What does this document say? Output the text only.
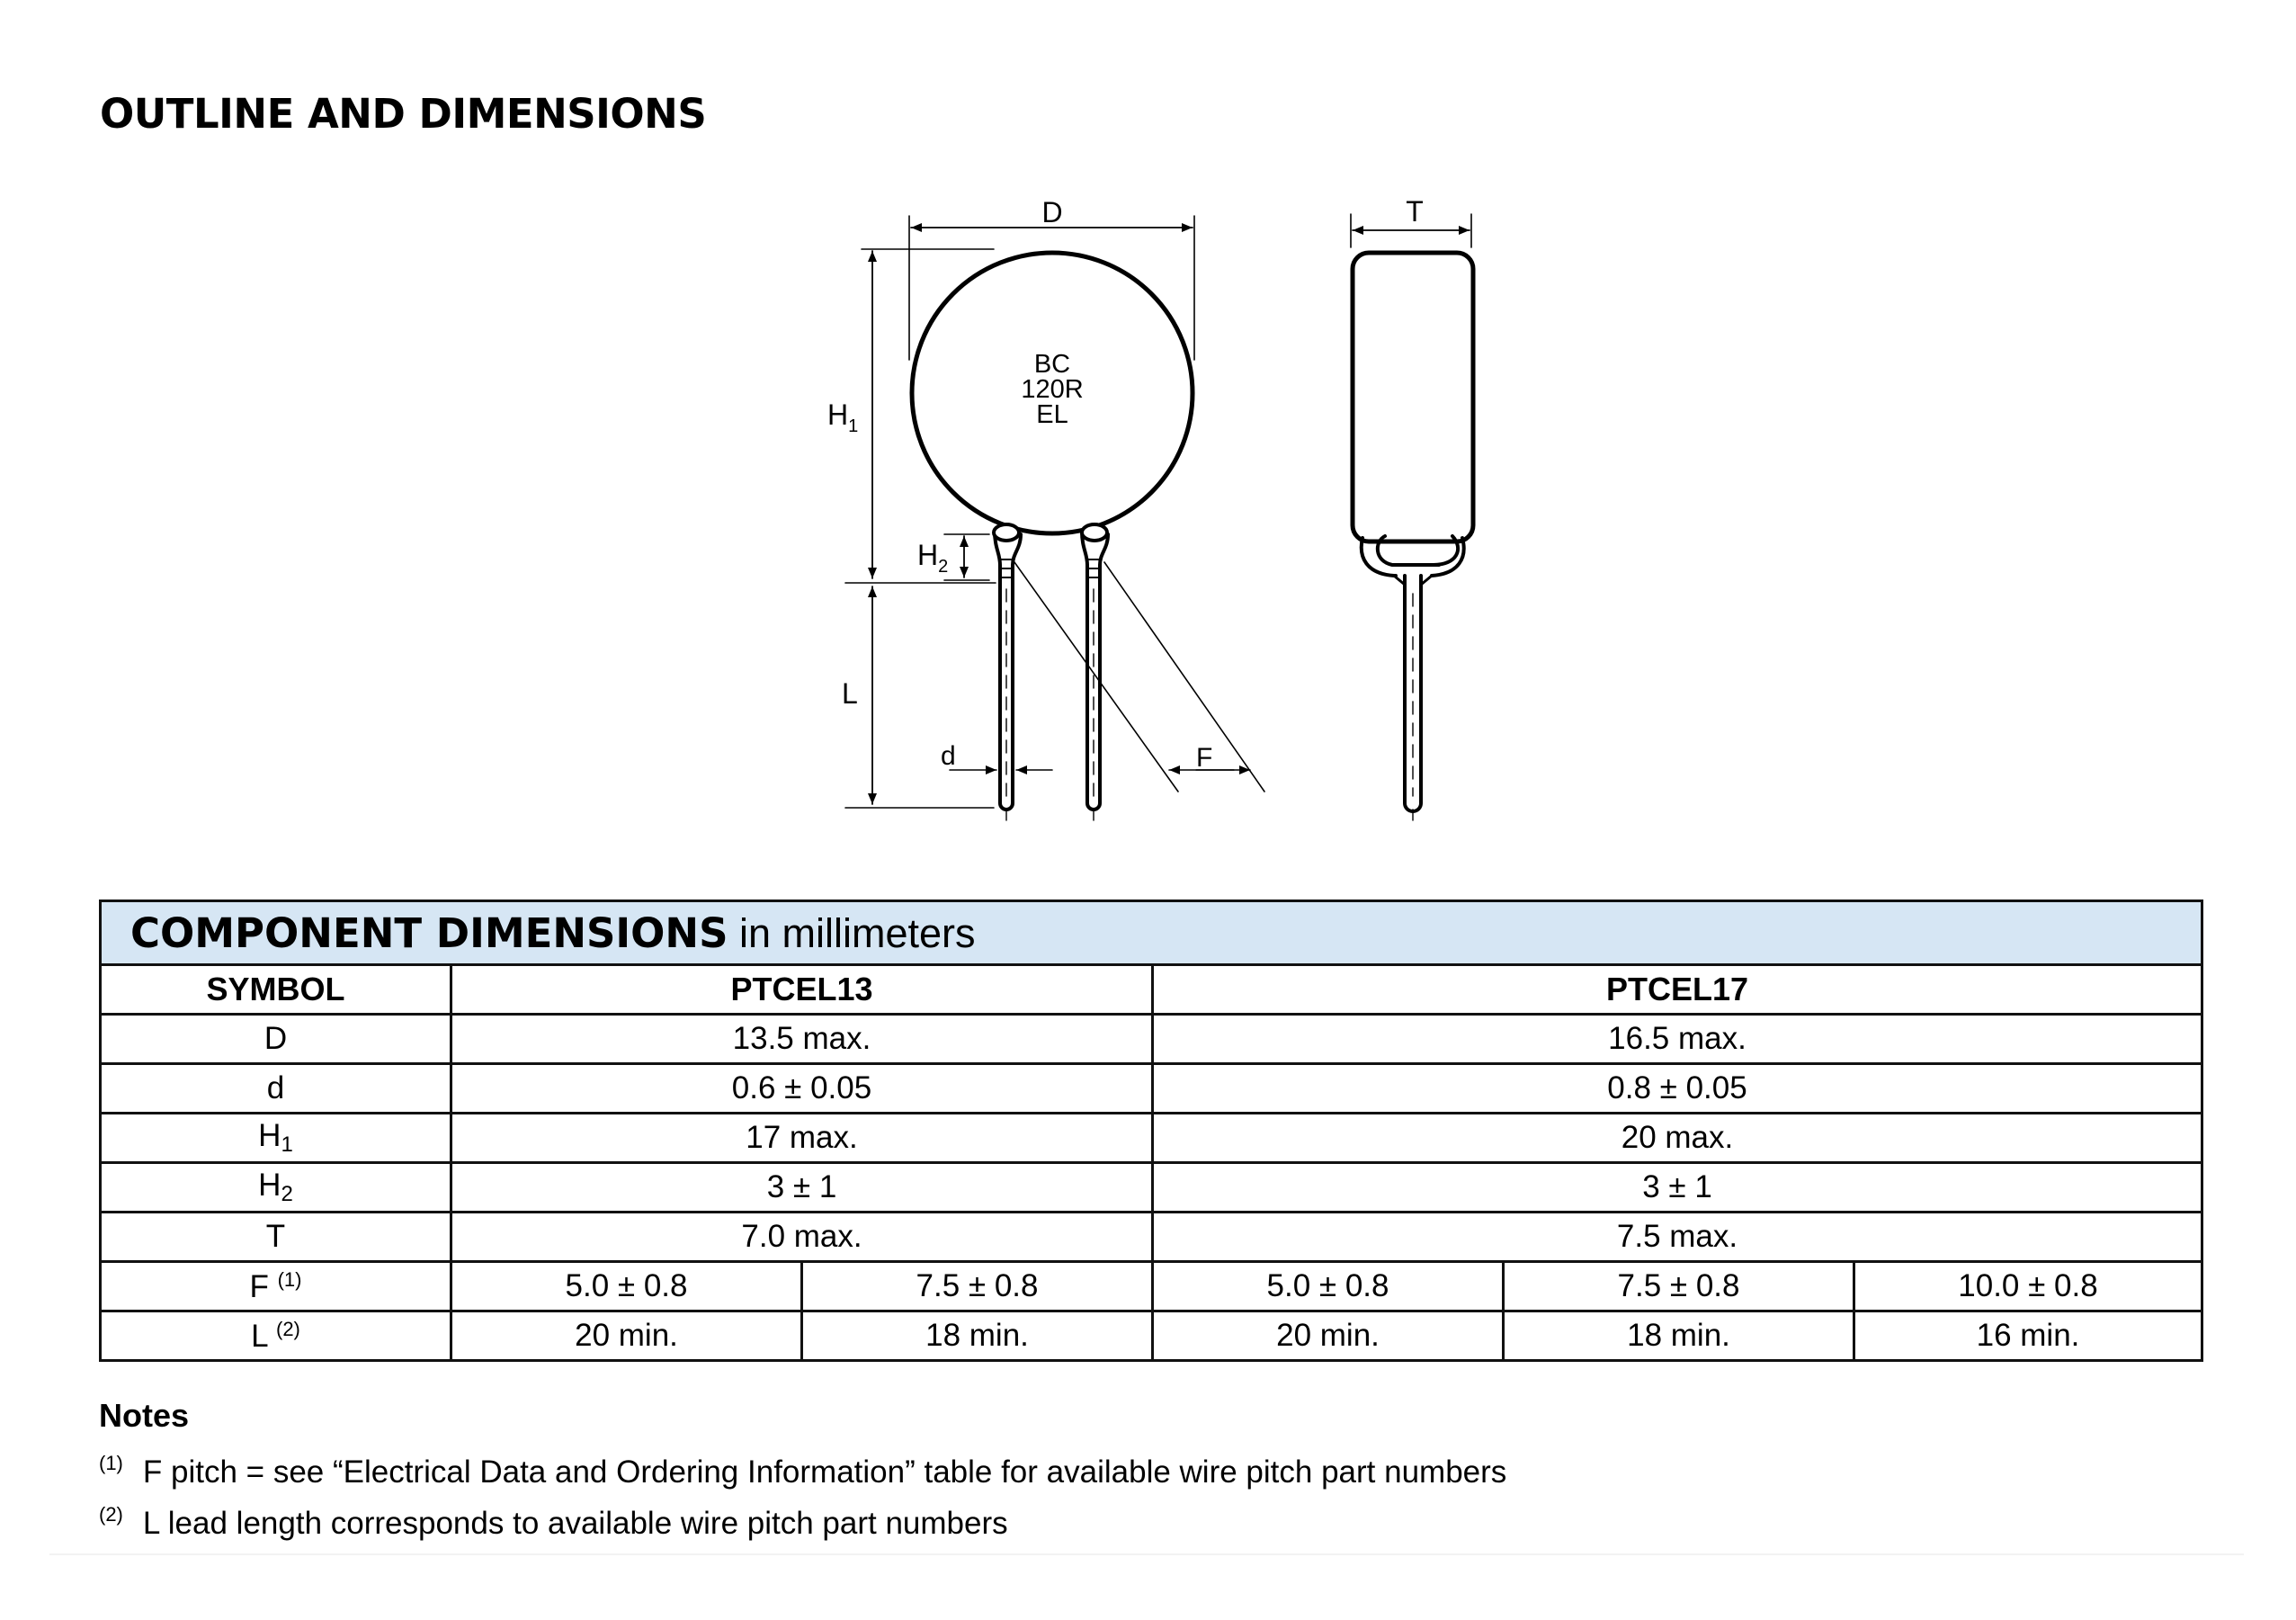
OUTLINE AND DIMENSIONS
D
BC
120R
EL
$H_1$
$H_2$
L
d	F
T
COMPONENT DIMENSIONS in millimeters					
SYMBOL	PTCEL13		PTCEL17		
D	13.5 max.		16.5 max.		
d	0.6 ± 0.05		0.8 ± 0.05		
$H_1$	17 max.		20 max.		
$H_2$	3 ± 1		3 ± 1		
T	7.0 max.		7.5 max.		
F $^{(1)}$	5.0 ± 0.8	7.5 ± 0.8	5.0 ± 0.8	7.5 ± 0.8	10.0 ± 0.8
L $^{(2)}$	20 min.	18 min.	20 min.	18 min.	16 min.

Notes

$^{(1)}$ F pitch = see “Electrical Data and Ordering Information” table for available wire pitch part numbers
$^{(2)}$ L lead length corresponds to available wire pitch part numbers
